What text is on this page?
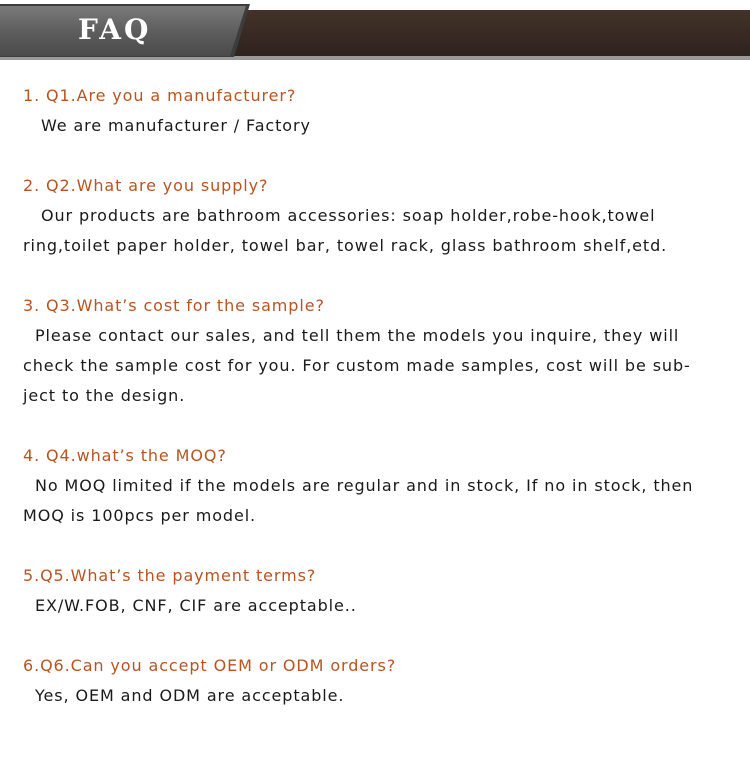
FAQ
1. Q1.Are you a manufacturer?
We are manufacturer / Factory
2. Q2.What are you supply?
Our products are bathroom accessories: soap holder,robe-hook,towel
ring,toilet paper holder, towel bar, towel rack, glass bathroom shelf,etd.
3. Q3.What’s cost for the sample?
Please contact our sales, and tell them the models you inquire, they will
check the sample cost for you. For custom made samples, cost will be sub-
ject to the design.
4. Q4.what’s the MOQ?
No MOQ limited if the models are regular and in stock, If no in stock, then
MOQ is 100pcs per model.
5.Q5.What’s the payment terms?
EX/W.FOB, CNF, CIF are acceptable..
6.Q6.Can you accept OEM or ODM orders?
Yes, OEM and ODM are acceptable.
